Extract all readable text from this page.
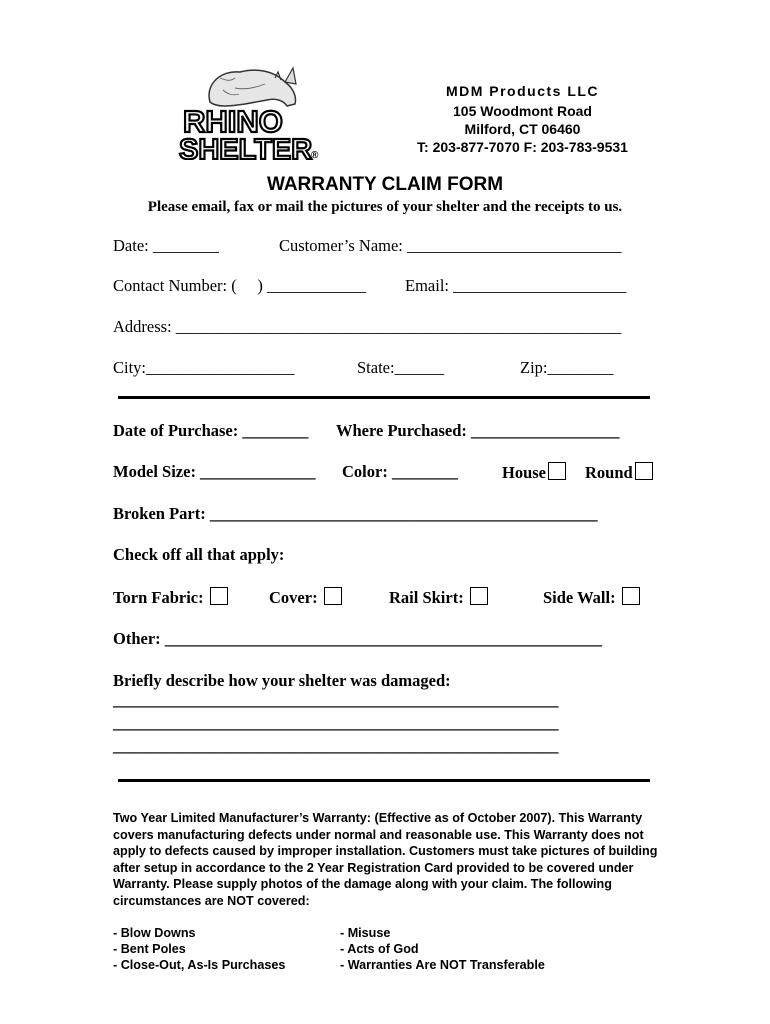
RHINO
SHELTER
®
MDM Products LLC
105 Woodmont Road
Milford, CT 06460
T: 203-877-7070 F: 203-783-9531
WARRANTY CLAIM FORM
Please email, fax or mail the pictures of your shelter and the receipts to us.
Date: ________	Customer’s Name: __________________________
Contact Number: (     ) ____________ Email: _____________________
Address: ______________________________________________________
City:__________________	State:______	Zip:________
Date of Purchase: ________ Where Purchased: __________________
Model Size: ______________ Color: ________	House	Round
Broken Part: _______________________________________________
Check off all that apply:
Torn Fabric:	Cover:	Rail Skirt:	Side Wall:
Other: _____________________________________________________
Briefly describe how your shelter was damaged:
______________________________________________________
______________________________________________________
______________________________________________________
Two Year Limited Manufacturer’s Warranty: (Effective as of October 2007). This Warranty covers manufacturing defects under normal and reasonable use. This Warranty does not apply to defects caused by improper installation. Customers must take pictures of building after setup in accordance to the 2 Year Registration Card provided to be covered under Warranty. Please supply photos of the damage along with your claim. The following circumstances are NOT covered:
- Blow Downs
- Bent Poles
- Close-Out, As-Is Purchases
- Misuse
- Acts of God
- Warranties Are NOT Transferable
